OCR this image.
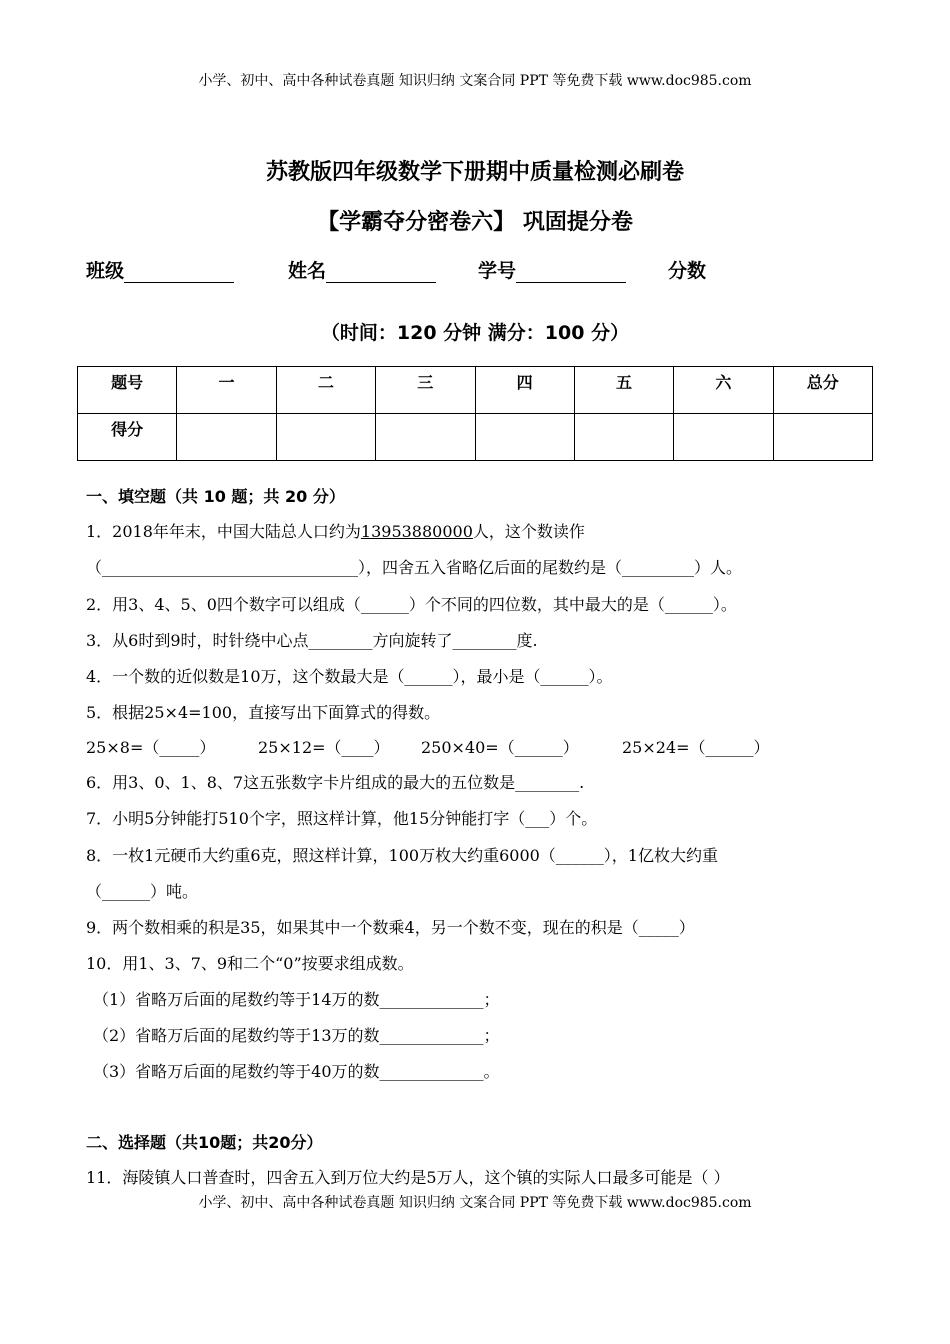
小学、初中、高中各种试卷真题 知识归纳 文案合同 PPT 等免费下载 www.doc985.com
苏教版四年级数学下册期中质量检测必刷卷
【学霸夺分密卷六】 巩固提分卷
班级	姓名	学号	分数
（时间：120 分钟 满分：100 分）
题号	一	二	三	四	五	六	总分
得分							
一、填空题（共 10 题；共 20 分）
1．2018年年末，中国大陆总人口约为13953880000人，这个数读作
（________________________________），四舍五入省略亿后面的尾数约是（_________）人。
2．用3、4、5、0四个数字可以组成（______）个不同的四位数，其中最大的是（______）。
3．从6时到9时，时针绕中心点________方向旋转了________度.
4．一个数的近似数是10万，这个数最大是（______），最小是（______）。
5．根据25×4=100，直接写出下面算式的得数。
25×8=（_____）	25×12=（____） 250×40=（______）	25×24=（______）
6．用3、0、1、8、7这五张数字卡片组成的最大的五位数是________.
7．小明5分钟能打510个字，照这样计算，他15分钟能打字（___）个。
8．一枚1元硬币大约重6克，照这样计算，100万枚大约重6000（______），1亿枚大约重
（______）吨。
9．两个数相乘的积是35，如果其中一个数乘4，另一个数不变，现在的积是（_____）
10．用1、3、7、9和二个“0”按要求组成数。
（1）省略万后面的尾数约等于14万的数_____________；
（2）省略万后面的尾数约等于13万的数_____________；
（3）省略万后面的尾数约等于40万的数_____________。
二、选择题（共10题；共20分）
11．海陵镇人口普查时，四舍五入到万位大约是5万人，这个镇的实际人口最多可能是（ ）
小学、初中、高中各种试卷真题 知识归纳 文案合同 PPT 等免费下载 www.doc985.com
